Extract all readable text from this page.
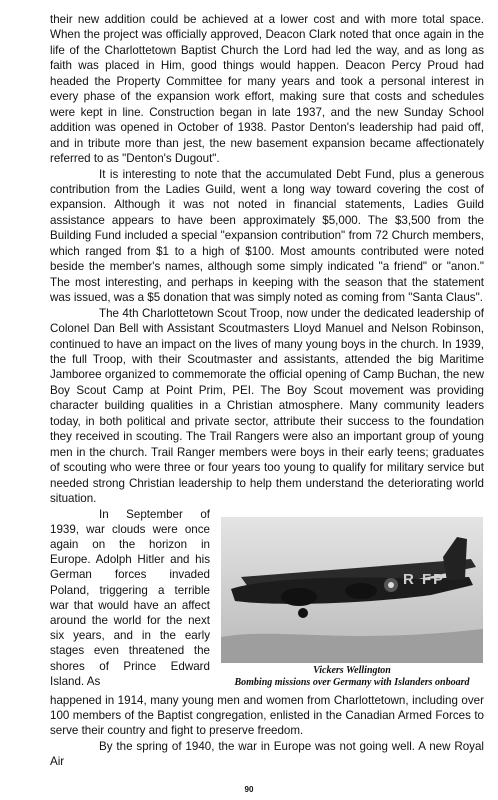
their new addition could be achieved at a lower cost and with more total space. When the project was officially approved, Deacon Clark noted that once again in the life of the Charlottetown Baptist Church the Lord had led the way, and as long as faith was placed in Him, good things would happen. Deacon Percy Proud had headed the Property Committee for many years and took a personal interest in every phase of the expansion work effort, making sure that costs and schedules were kept in line. Construction began in late 1937, and the new Sunday School addition was opened in October of 1938. Pastor Denton's leadership had paid off, and in tribute more than jest, the new basement expansion became affectionately referred to as "Denton's Dugout".

It is interesting to note that the accumulated Debt Fund, plus a generous contribution from the Ladies Guild, went a long way toward covering the cost of expansion. Although it was not noted in financial statements, Ladies Guild assistance appears to have been approximately $5,000. The $3,500 from the Building Fund included a special "expansion contribution" from 72 Church members, which ranged from $1 to a high of $100. Most amounts contributed were noted beside the member's names, although some simply indicated "a friend" or "anon." The most interesting, and perhaps in keeping with the season that the statement was issued, was a $5 donation that was simply noted as coming from "Santa Claus".

The 4th Charlottetown Scout Troop, now under the dedicated leadership of Colonel Dan Bell with Assistant Scoutmasters Lloyd Manuel and Nelson Robinson, continued to have an impact on the lives of many young boys in the church. In 1939, the full Troop, with their Scoutmaster and assistants, attended the big Maritime Jamboree organized to commemorate the official opening of Camp Buchan, the new Boy Scout Camp at Point Prim, PEI. The Boy Scout movement was providing character building qualities in a Christian atmosphere. Many community leaders today, in both political and private sector, attribute their success to the foundation they received in scouting. The Trail Rangers were also an important group of young men in the church. Trail Ranger members were boys in their early teens; graduates of scouting who were three or four years too young to qualify for military service but needed strong Christian leadership to help them understand the deteriorating world situation.

In September of 1939, war clouds were once again on the horizon in Europe. Adolph Hitler and his German forces invaded Poland, triggering a terrible war that would have an affect around the world for the next six years, and in the early stages even threatened the shores of Prince Edward Island. As

R FP
Vickers Wellington
Bombing missions over Germany with Islanders onboard

happened in 1914, many young men and women from Charlottetown, including over 100 members of the Baptist congregation, enlisted in the Canadian Armed Forces to serve their country and fight to preserve freedom.

By the spring of 1940, the war in Europe was not going well. A new Royal Air

90
